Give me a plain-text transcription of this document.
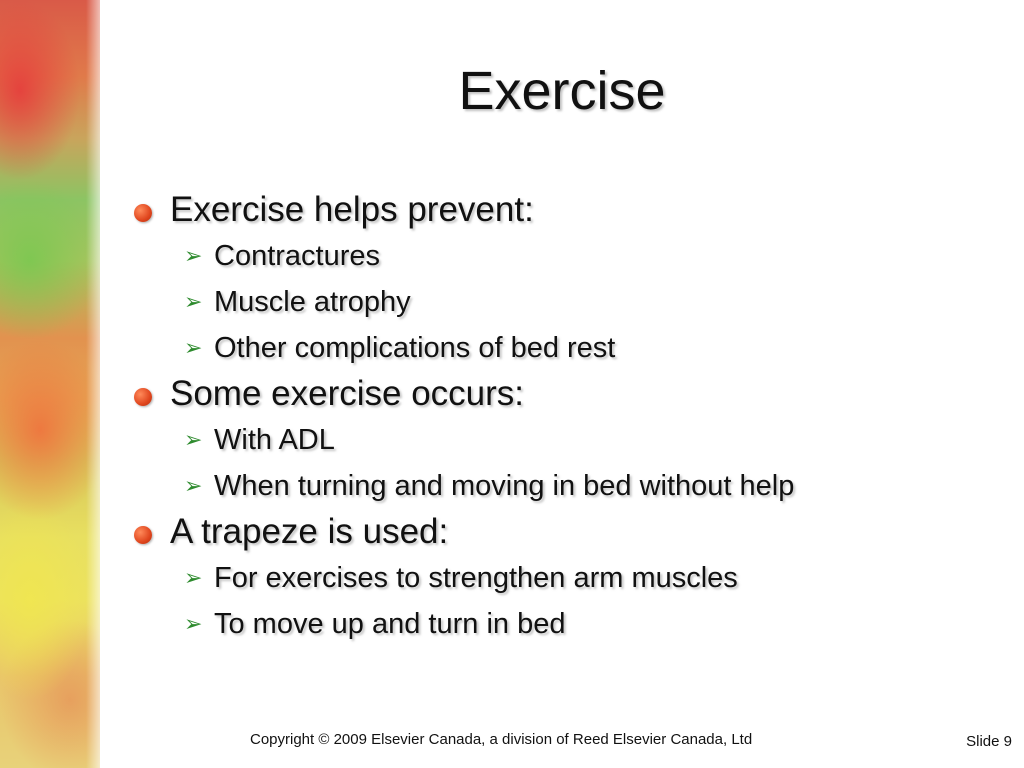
Exercise
Exercise helps prevent:
➢ Contractures
➢ Muscle atrophy
➢ Other complications of bed rest
Some exercise occurs:
➢ With ADL
➢ When turning and moving in bed without help
A trapeze is used:
➢ For exercises to strengthen arm muscles
➢ To move up and turn in bed
Copyright © 2009 Elsevier Canada, a division of Reed Elsevier Canada, Ltd	Slide 9
